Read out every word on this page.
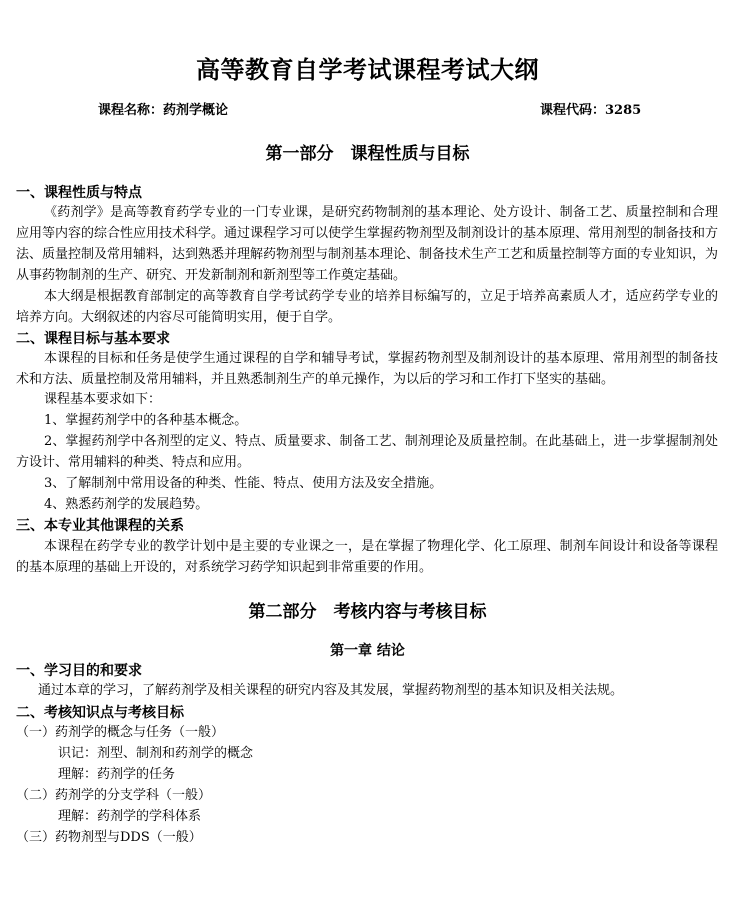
高等教育自学考试课程考试大纲
课程名称：药剂学概论	课程代码：3285
第一部分　课程性质与目标
一、课程性质与特点
《药剂学》是高等教育药学专业的一门专业课，是研究药物制剂的基本理论、处方设计、制备工艺、质量控制和合理应用等内容的综合性应用技术科学。通过课程学习可以使学生掌握药物剂型及制剂设计的基本原理、常用剂型的制备技和方法、质量控制及常用辅料，达到熟悉并理解药物剂型与制剂基本理论、制备技术生产工艺和质量控制等方面的专业知识，为从事药物制剂的生产、研究、开发新制剂和新剂型等工作奠定基础。
本大纲是根据教育部制定的高等教育自学考试药学专业的培养目标编写的，立足于培养高素质人才，适应药学专业的培养方向。大纲叙述的内容尽可能简明实用，便于自学。
二、课程目标与基本要求
本课程的目标和任务是使学生通过课程的自学和辅导考试，掌握药物剂型及制剂设计的基本原理、常用剂型的制备技术和方法、质量控制及常用辅料，并且熟悉制剂生产的单元操作，为以后的学习和工作打下坚实的基础。
课程基本要求如下：
1、掌握药剂学中的各种基本概念。
2、掌握药剂学中各剂型的定义、特点、质量要求、制备工艺、制剂理论及质量控制。在此基础上，进一步掌握制剂处方设计、常用辅料的种类、特点和应用。
3、了解制剂中常用设备的种类、性能、特点、使用方法及安全措施。
4、熟悉药剂学的发展趋势。
三、本专业其他课程的关系
本课程在药学专业的教学计划中是主要的专业课之一，是在掌握了物理化学、化工原理、制剂车间设计和设备等课程的基本原理的基础上开设的，对系统学习药学知识起到非常重要的作用。
第二部分　考核内容与考核目标
第一章 结论
一、学习目的和要求
通过本章的学习，了解药剂学及相关课程的研究内容及其发展，掌握药物剂型的基本知识及相关法规。
二、考核知识点与考核目标
（一）药剂学的概念与任务（一般）
识记：剂型、制剂和药剂学的概念
理解：药剂学的任务
（二）药剂学的分支学科（一般）
理解：药剂学的学科体系
（三）药物剂型与DDS（一般）
